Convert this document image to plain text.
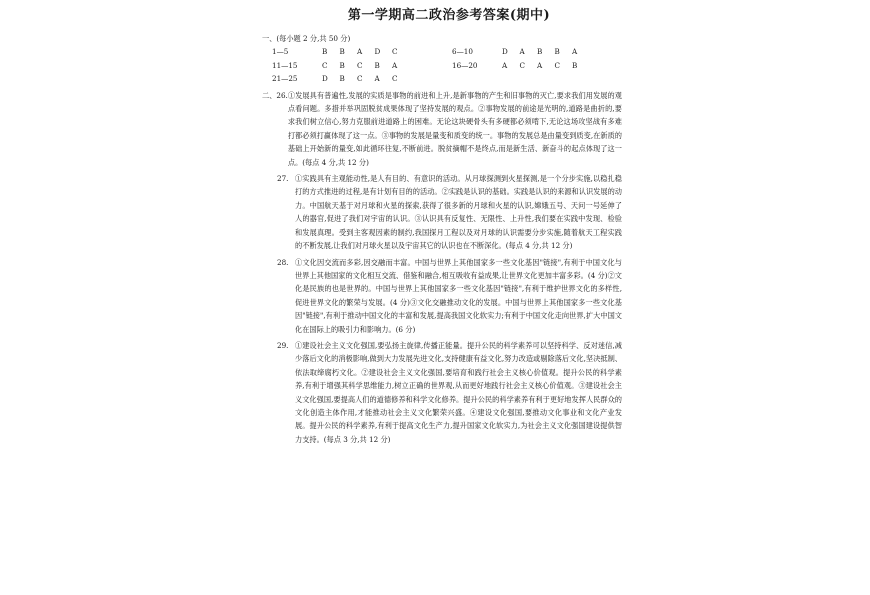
第一学期高二政治参考答案(期中)
一、(每小题 2 分,共 50 分)
1—5	B	B	A	D	C	6—10	D	A	B	B	A
11—15	C	B	C	B	A	16—20	A	C	A	C	B
21—25	D	B	C	A	C
二、26. ①发展具有普遍性,发展的实质是事物的前进和上升,是新事物的产生和旧事物的灭亡,要求我们用发展的观点看问题。多措并举巩固脱贫成果体现了坚持发展的观点。②事物发展的前途是光明的,道路是曲折的,要求我们树立信心,努力克服前进道路上的困难。无论这块硬骨头有多硬都必须啃下,无论这场攻坚战有多难打都必须打赢体现了这一点。③事物的发展是量变和质变的统一。事物的发展总是由量变到质变,在新质的基础上开始新的量变,如此循环往复,不断前进。脱贫摘帽不是终点,而是新生活、新奋斗的起点体现了这一点。(每点 4 分,共 12 分)
27. ①实践具有主观能动性,是人有目的、有意识的活动。从月球探测到火星探测,是一个分步实施,以稳扎稳打的方式推进的过程,是有计划有目的的活动。②实践是认识的基础。实践是认识的来源和认识发展的动力。中国航天基于对月球和火星的探索,获得了很多新的月球和火星的认识,嫦娥五号、天问一号延伸了人的器官,促进了我们对宇宙的认识。③认识具有反复性、无限性、上升性,我们要在实践中发现、检验和发展真理。受到主客观因素的制约,我国探月工程以及对月球的认识需要分步实施,随着航天工程实践的不断发展,让我们对月球火星以及宇宙其它的认识也在不断深化。(每点 4 分,共 12 分)
28. ①文化因交流而多彩,因交融而丰富。中国与世界上其他国家多一些文化基因"链接",有利于中国文化与世界上其他国家的文化相互交流、借鉴和融合,相互吸收有益成果,让世界文化更加丰富多彩。(4 分)②文化是民族的也是世界的。中国与世界上其他国家多一些文化基因"链接",有利于维护世界文化的多样性,促进世界文化的繁荣与发展。(4 分)③文化交融推动文化的发展。中国与世界上其他国家多一些文化基因"链接",有利于推动中国文化的丰富和发展,提高我国文化软实力;有利于中国文化走向世界,扩大中国文化在国际上的吸引力和影响力。(6 分)
29. ①建设社会主义文化强国,要弘扬主旋律,传播正能量。提升公民的科学素养可以坚持科学、反对迷信,减少落后文化的消极影响,做到大力发展先进文化,支持健康有益文化,努力改造或剔除落后文化,坚决抵制、依法取缔腐朽文化。②建设社会主义文化强国,要培育和践行社会主义核心价值观。提升公民的科学素养,有利于增强其科学思维能力,树立正确的世界观,从而更好地践行社会主义核心价值观。③建设社会主义文化强国,要提高人们的道德修养和科学文化修养。提升公民的科学素养有利于更好地发挥人民群众的文化创造主体作用,才能推动社会主义文化繁荣兴盛。④建设文化强国,要推动文化事业和文化产业发展。提升公民的科学素养,有利于提高文化生产力,提升国家文化软实力,为社会主义文化强国建设提供智力支持。(每点 3 分,共 12 分)
